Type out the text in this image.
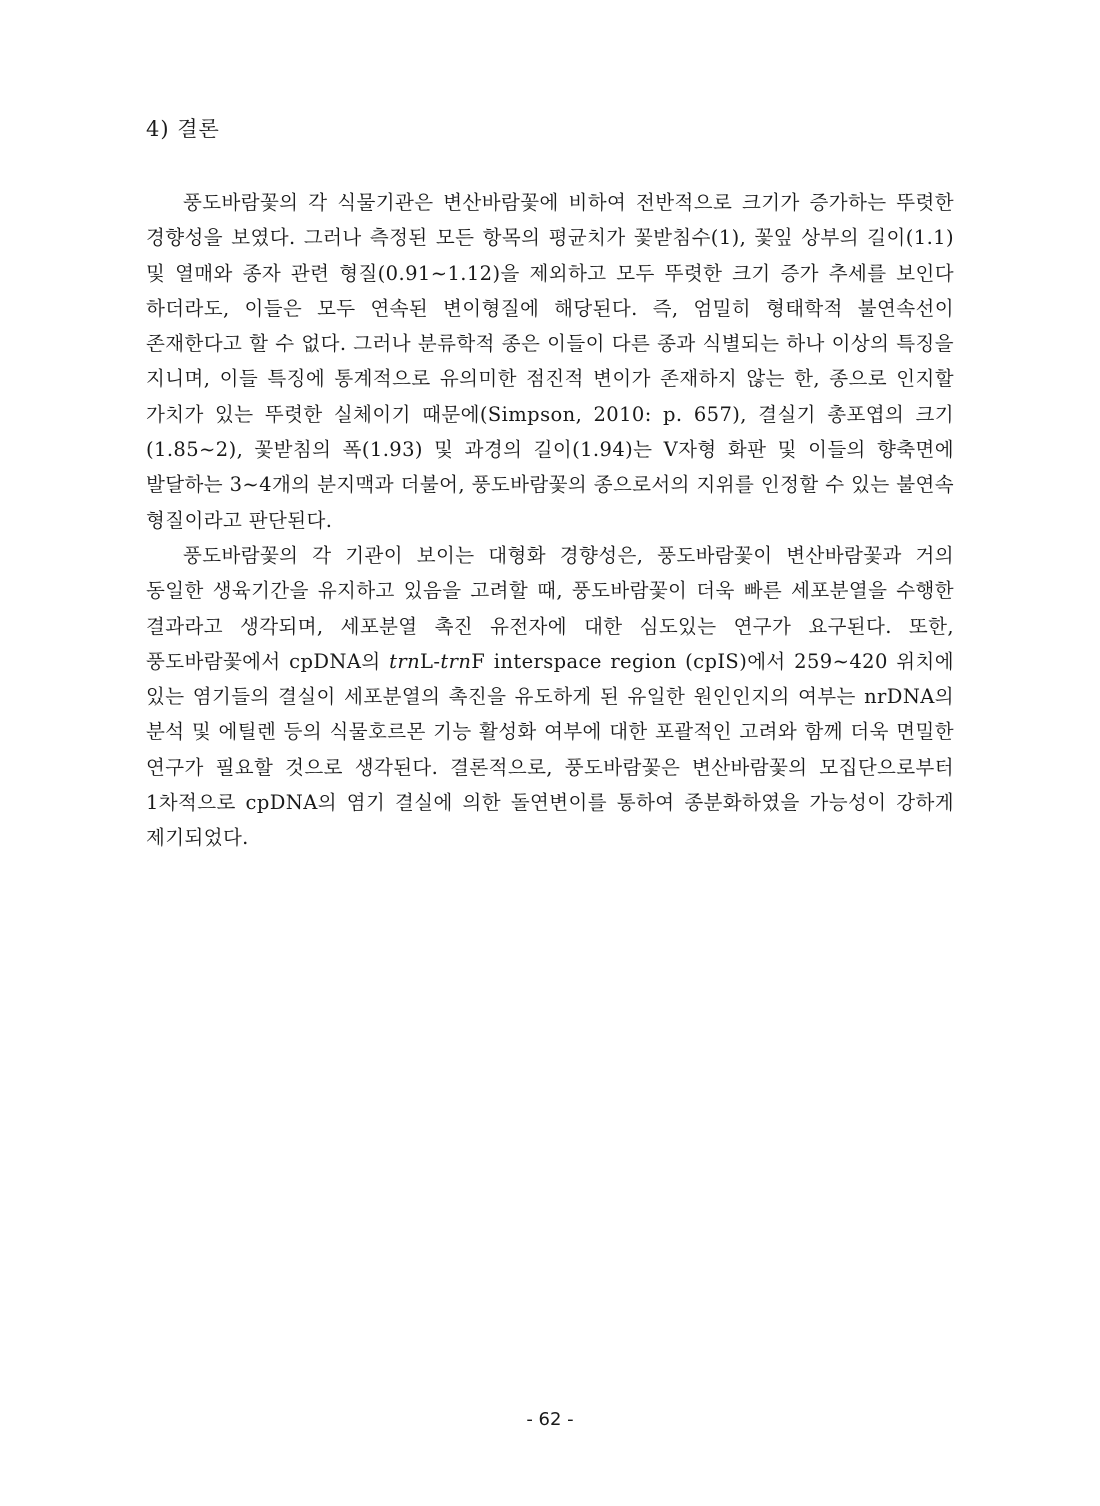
4) 결론

풍도바람꽃의 각 식물기관은 변산바람꽃에 비하여 전반적으로 크기가 증가하는 뚜렷한 경향성을 보였다. 그러나 측정된 모든 항목의 평균치가 꽃받침수(1), 꽃잎 상부의 길이(1.1) 및 열매와 종자 관련 형질(0.91∼1.12)을 제외하고 모두 뚜렷한 크기 증가 추세를 보인다 하더라도, 이들은 모두 연속된 변이형질에 해당된다. 즉, 엄밀히 형태학적 불연속선이 존재한다고 할 수 없다. 그러나 분류학적 종은 이들이 다른 종과 식별되는 하나 이상의 특징을 지니며, 이들 특징에 통계적으로 유의미한 점진적 변이가 존재하지 않는 한, 종으로 인지할 가치가 있는 뚜렷한 실체이기 때문에(Simpson, 2010: p. 657), 결실기 총포엽의 크기(1.85∼2), 꽃받침의 폭(1.93) 및 과경의 길이(1.94)는 V자형 화판 및 이들의 향축면에 발달하는 3∼4개의 분지맥과 더불어, 풍도바람꽃의 종으로서의 지위를 인정할 수 있는 불연속 형질이라고 판단된다.

풍도바람꽃의 각 기관이 보이는 대형화 경향성은, 풍도바람꽃이 변산바람꽃과 거의 동일한 생육기간을 유지하고 있음을 고려할 때, 풍도바람꽃이 더욱 빠른 세포분열을 수행한 결과라고 생각되며, 세포분열 촉진 유전자에 대한 심도있는 연구가 요구된다. 또한, 풍도바람꽃에서 cpDNA의 trnL-trnF interspace region (cpIS)에서 259∼420 위치에 있는 염기들의 결실이 세포분열의 촉진을 유도하게 된 유일한 원인인지의 여부는 nrDNA의 분석 및 에틸렌 등의 식물호르몬 기능 활성화 여부에 대한 포괄적인 고려와 함께 더욱 면밀한 연구가 필요할 것으로 생각된다. 결론적으로, 풍도바람꽃은 변산바람꽃의 모집단으로부터 1차적으로 cpDNA의 염기 결실에 의한 돌연변이를 통하여 종분화하였을 가능성이 강하게 제기되었다.

- 62 -
